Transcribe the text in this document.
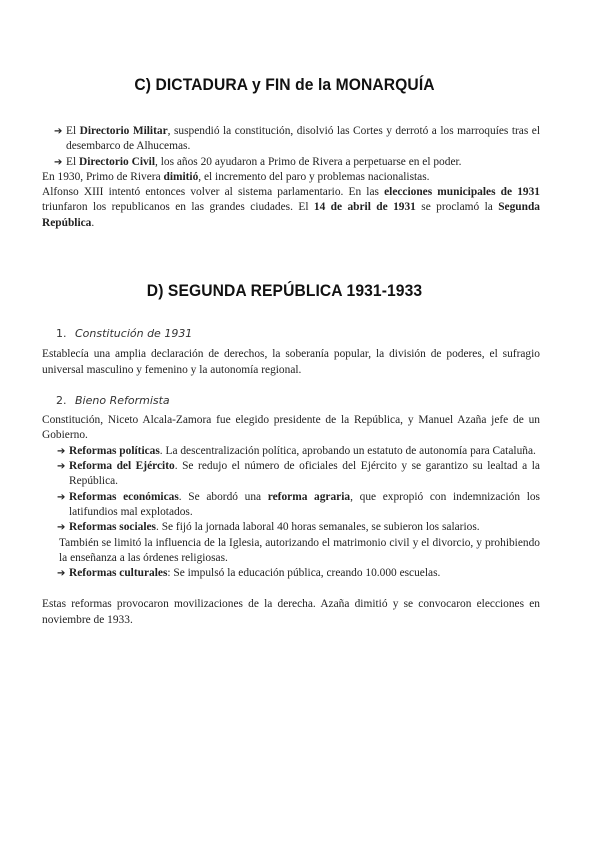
C) DICTADURA y FIN de la MONARQUÍA
➔ El Directorio Militar, suspendió la constitución, disolvió las Cortes y derrotó a los marroquíes tras el desembarco de Alhucemas.
➔ El Directorio Civil, los años 20 ayudaron a Primo de Rivera a perpetuarse en el poder.

En 1930, Primo de Rivera dimitió, el incremento del paro y problemas nacionalistas.

Alfonso XIII intentó entonces volver al sistema parlamentario. En las elecciones municipales de 1931 triunfaron los republicanos en las grandes ciudades. El 14 de abril de 1931 se proclamó la Segunda República.

D) SEGUNDA REPÚBLICA 1931-1933
1. Constitución de 1931

Establecía una amplia declaración de derechos, la soberanía popular, la división de poderes, el sufragio universal masculino y femenino y la autonomía regional.

2. Bieno Reformista

Constitución, Niceto Alcala-Zamora fue elegido presidente de la República, y Manuel Azaña jefe de un Gobierno.

➔ Reformas políticas. La descentralización política, aprobando un estatuto de autonomía para Cataluña.
➔ Reforma del Ejército. Se redujo el número de oficiales del Ejército y se garantizo su lealtad a la República.
➔ Reformas económicas. Se abordó una reforma agraria, que expropió con indemnización los latifundios mal explotados.
➔ Reformas sociales. Se fijó la jornada laboral 40 horas semanales, se subieron los salarios.

También se limitó la influencia de la Iglesia, autorizando el matrimonio civil y el divorcio, y prohibiendo la enseñanza a las órdenes religiosas.

➔ Reformas culturales: Se impulsó la educación pública, creando 10.000 escuelas.

Estas reformas provocaron movilizaciones de la derecha. Azaña dimitió y se convocaron elecciones en noviembre de 1933.
